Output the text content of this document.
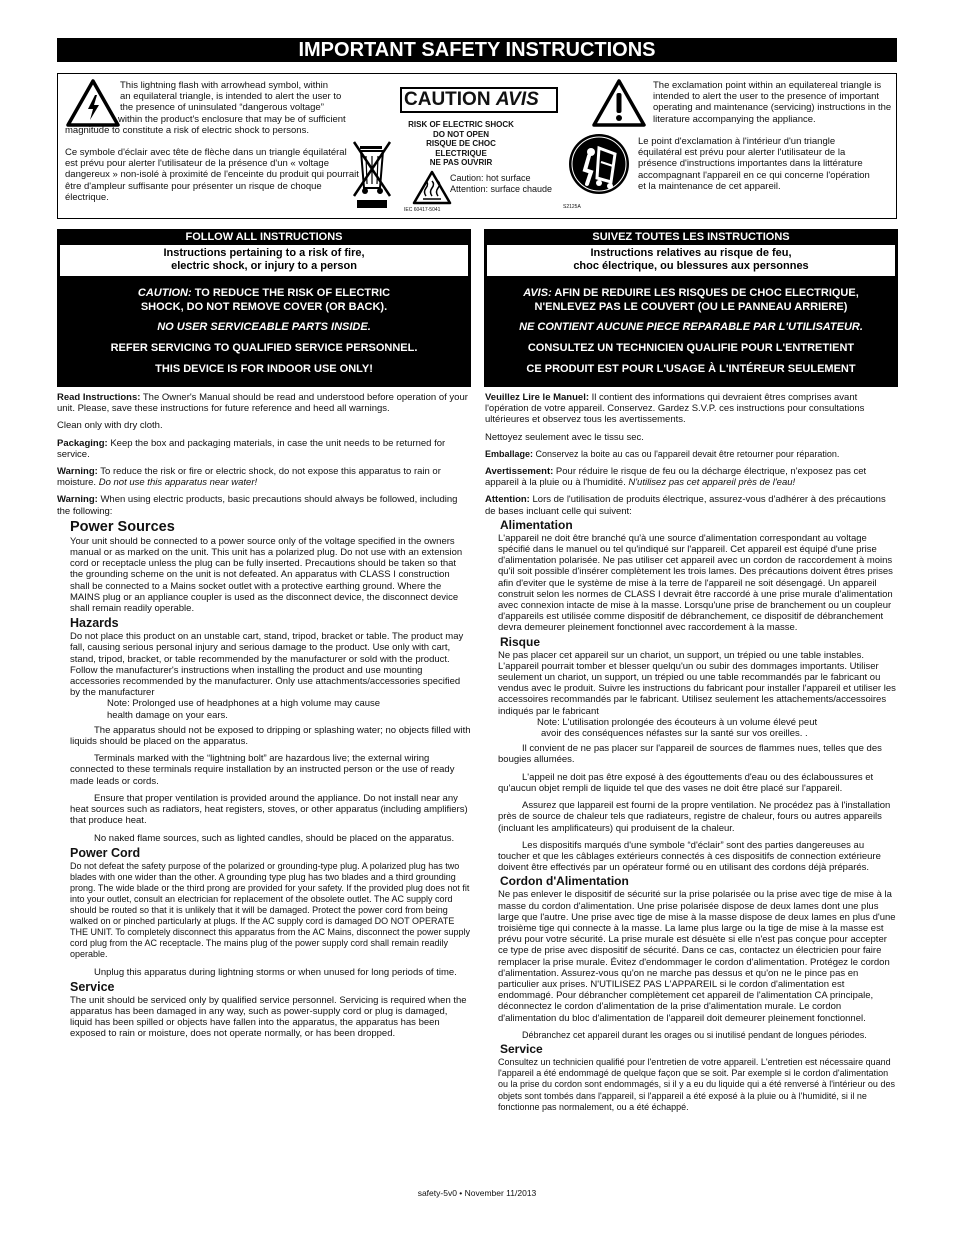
IMPORTANT SAFETY INSTRUCTIONS
This lightning flash with arrowhead symbol, within
an equilateral triangle, is intended to alert the user to
the presence of uninsulated “dangerous voltage”
within the product's enclosure that may be of sufficient
magnitude to constitute a risk of electric shock to persons.
Ce symbole d'éclair avec tête de flèche dans un triangle équilatéral est prévu pour alerter l'utilisateur de la présence d'un « voltage dangereux » non-isolé à proximité de l'enceinte du produit qui pourrait être d'ampleur suffisante pour présenter un risque de choque électrique.
CAUTION AVIS
RISK OF ELECTRIC SHOCK
DO NOT OPEN
RISQUE DE CHOC ELECTRIQUE
NE PAS OUVRIR
IEC 60417-5041
Caution: hot surface
Attention: surface chaude
S2125A
The exclamation point within an equilatereal triangle is intended to alert the user to the presence of important operating and maintenance (servicing) instructions in the literature accompanying the appliance.
Le point d'exclamation à l'intérieur d'un triangle équilatéral est prévu pour alerter l'utilisateur de la présence d'instructions importantes dans la littérature accompagnant l'appareil en ce qui concerne l'opération et la maintenance de cet appareil.
FOLLOW ALL INSTRUCTIONS
Instructions pertaining to a risk of fire,
electric shock, or injury to a person
CAUTION: TO REDUCE THE RISK OF ELECTRIC
SHOCK, DO NOT REMOVE COVER (OR BACK).
NO USER SERVICEABLE PARTS INSIDE.
REFER SERVICING TO QUALIFIED SERVICE PERSONNEL.
THIS DEVICE IS FOR INDOOR USE ONLY!
SUIVEZ TOUTES LES INSTRUCTIONS
Instructions relatives au risque de feu,
choc électrique, ou blessures aux personnes
AVIS: AFIN DE REDUIRE LES RISQUES DE CHOC ELECTRIQUE,
N'ENLEVEZ PAS LE COUVERT (OU LE PANNEAU ARRIERE)
NE CONTIENT AUCUNE PIECE REPARABLE PAR L'UTILISATEUR.
CONSULTEZ UN TECHNICIEN QUALIFIE POUR L'ENTRETIENT
CE PRODUIT EST POUR L'USAGE À L'INTÉREUR SEULEMENT

Read Instructions: The Owner's Manual should be read and understood before operation of your unit. Please, save these instructions for future reference and heed all warnings.

Clean only with dry cloth.

Packaging: Keep the box and packaging materials, in case the unit needs to be returned for service.

Warning: To reduce the risk or fire or electric shock, do not expose this apparatus to rain or moisture. Do not use this apparatus near water!

Warning: When using electric products, basic precautions should always be followed, including the following:

Power Sources

Your unit should be connected to a power source only of the voltage specified in the owners manual or as marked on the unit. This unit has a polarized plug. Do not use with an extension cord or receptacle unless the plug can be fully inserted. Precautions should be taken so that the grounding scheme on the unit is not defeated. An apparatus with CLASS I construction shall be connected to a Mains socket outlet with a protective earthing ground. Where the MAINS plug or an appliance coupler is used as the disconnect device, the disconnect device shall remain readily operable.

Hazards

Do not place this product on an unstable cart, stand, tripod, bracket or table. The product may fall, causing serious personal injury and serious damage to the product. Use only with cart, stand, tripod, bracket, or table recommended by the manufacturer or sold with the product. Follow the manufacturer's instructions when installing the product and use mounting accessories recommended by the manufacturer. Only use attachments/accessories specified by the manufacturer

Note: Prolonged use of headphones at a high volume may cause
health damage on your ears.

The apparatus should not be exposed to dripping or splashing water; no objects filled with liquids should be placed on the apparatus.

Terminals marked with the “lightning bolt” are hazardous live; the external wiring connected to these terminals require installation by an instructed person or the use of ready made leads or cords.

Ensure that proper ventilation is provided around the appliance. Do not install near any heat sources such as radiators, heat registers, stoves, or other apparatus (including amplifiers) that produce heat.

No naked flame sources, such as lighted candles, should be placed on the apparatus.

Power Cord

Do not defeat the safety purpose of the polarized or grounding-type plug. A polarized plug has two blades with one wider than the other. A grounding type plug has two blades and a third grounding prong. The wide blade or the third prong are provided for your safety. If the provided plug does not fit into your outlet, consult an electrician for replacement of the obsolete outlet. The AC supply cord should be routed so that it is unlikely that it will be damaged. Protect the power cord from being walked on or pinched particularly at plugs. If the AC supply cord is damaged DO NOT OPERATE THE UNIT. To completely disconnect this apparatus from the AC Mains, disconnect the power supply cord plug from the AC receptacle. The mains plug of the power supply cord shall remain readily operable.

Unplug this apparatus during lightning storms or when unused for long periods of time.

Service

The unit should be serviced only by qualified service personnel. Servicing is required when the apparatus has been damaged in any way, such as power-supply cord or plug is damaged, liquid has been spilled or objects have fallen into the apparatus, the apparatus has been exposed to rain or moisture, does not operate normally, or has been dropped.

Veuillez Lire le Manuel: Il contient des informations qui devraient êtres comprises avant l'opération de votre appareil. Conservez. Gardez S.V.P. ces instructions pour consultations ultérieures et observez tous les avertissements.

Nettoyez seulement avec le tissu sec.

Emballage: Conservez la boite au cas ou l'appareil devait être retourner pour réparation.

Avertissement: Pour réduire le risque de feu ou la décharge électrique, n'exposez pas cet appareil à la pluie ou à l'humidité. N'utilisez pas cet appareil près de l'eau!

Attention: Lors de l'utilisation de produits électrique, assurez-vous d'adhérer à des précautions de bases incluant celle qui suivent:

Alimentation

L'appareil ne doit être branché qu'à une source d'alimentation correspondant au voltage spécifié dans le manuel ou tel qu'indiqué sur l'appareil. Cet appareil est équipé d'une prise d'alimentation polarisée. Ne pas utiliser cet appareil avec un cordon de raccordement à moins qu'il soit possible d'insérer complètement les trois lames. Des précautions doivent êtres prises afin d'eviter que le système de mise à la terre de l'appareil ne soit désengagé. Un appareil construit selon les normes de CLASS I devrait être raccordé à une prise murale d'alimentation avec connexion intacte de mise à la masse. Lorsqu'une prise de branchement ou un coupleur d'appareils est utilisée comme dispositif de débranchement, ce dispositif de débranchement devra demeurer pleinement fonctionnel avec raccordement à la masse.

Risque

Ne pas placer cet appareil sur un chariot, un support, un trépied ou une table instables. L'appareil pourrait tomber et blesser quelqu'un ou subir des dommages importants. Utiliser seulement un chariot, un support, un trépied ou une table recommandés par le fabricant ou vendus avec le produit. Suivre les instructions du fabricant pour installer l'appareil et utiliser les accessoires recommandés par le fabricant. Utilisez seulement les attachements/accessoires indiqués par le fabricant

Note: L'utilisation prolongée des écouteurs à un volume élevé peut
avoir des conséquences néfastes sur la santé sur vos oreilles. .

Il convient de ne pas placer sur l'appareil de sources de flammes nues, telles que des bougies allumées.

L'appeil ne doit pas être exposé à des égouttements d'eau ou des éclaboussures et qu'aucun objet rempli de liquide tel que des vases ne doit être placé sur l'appareil.

Assurez que lappareil est fourni de la propre ventilation. Ne procédez pas à l'installation près de source de chaleur tels que radiateurs, registre de chaleur, fours ou autres appareils (incluant les amplificateurs) qui produisent de la chaleur.

Les dispositifs marqués d'une symbole “d'éclair” sont des parties dangereuses au toucher et que les câblages extérieurs connectés à ces dispositifs de connection extérieure doivent être effectivés par un opérateur formé ou en utilisant des cordons déjà préparés.

Cordon d'Alimentation

Ne pas enlever le dispositif de sécurité sur la prise polarisée ou la prise avec tige de mise à la masse du cordon d'alimentation. Une prise polarisée dispose de deux lames dont une plus large que l'autre. Une prise avec tige de mise à la masse dispose de deux lames en plus d'une troisième tige qui connecte à la masse. La lame plus large ou la tige de mise à la masse est prévu pour votre sécurité. La prise murale est désuète si elle n'est pas conçue pour accepter ce type de prise avec dispositif de sécurité. Dans ce cas, contactez un électricien pour faire remplacer la prise murale. Évitez d'endommager le cordon d'alimentation. Protégez le cordon d'alimentation. Assurez-vous qu'on ne marche pas dessus et qu'on ne le pince pas en particulier aux prises. N'UTILISEZ PAS L'APPAREIL si le cordon d'alimentation est endommagé. Pour débrancher complètement cet appareil de l'alimentation CA principale, déconnectez le cordon d'alimentation de la prise d'alimentation murale. Le cordon d'alimentation du bloc d'alimentation de l'appareil doit demeurer pleinement fonctionnel.

Débranchez cet appareil durant les orages ou si inutilisé pendant de longues périodes.

Service

Consultez un technicien qualifié pour l'entretien de votre appareil. L'entretien est nécessaire quand l'appareil a été endommagé de quelque façon que se soit. Par exemple si le cordon d'alimentation ou la prise du cordon sont endommagés, si il y a eu du liquide qui a été renversé à l'intérieur ou des objets sont tombés dans l'appareil, si l'appareil a été exposé à la pluie ou à l'humidité, si il ne fonctionne pas normalement, ou a été échappé.

safety-5v0 • November 11/2013
